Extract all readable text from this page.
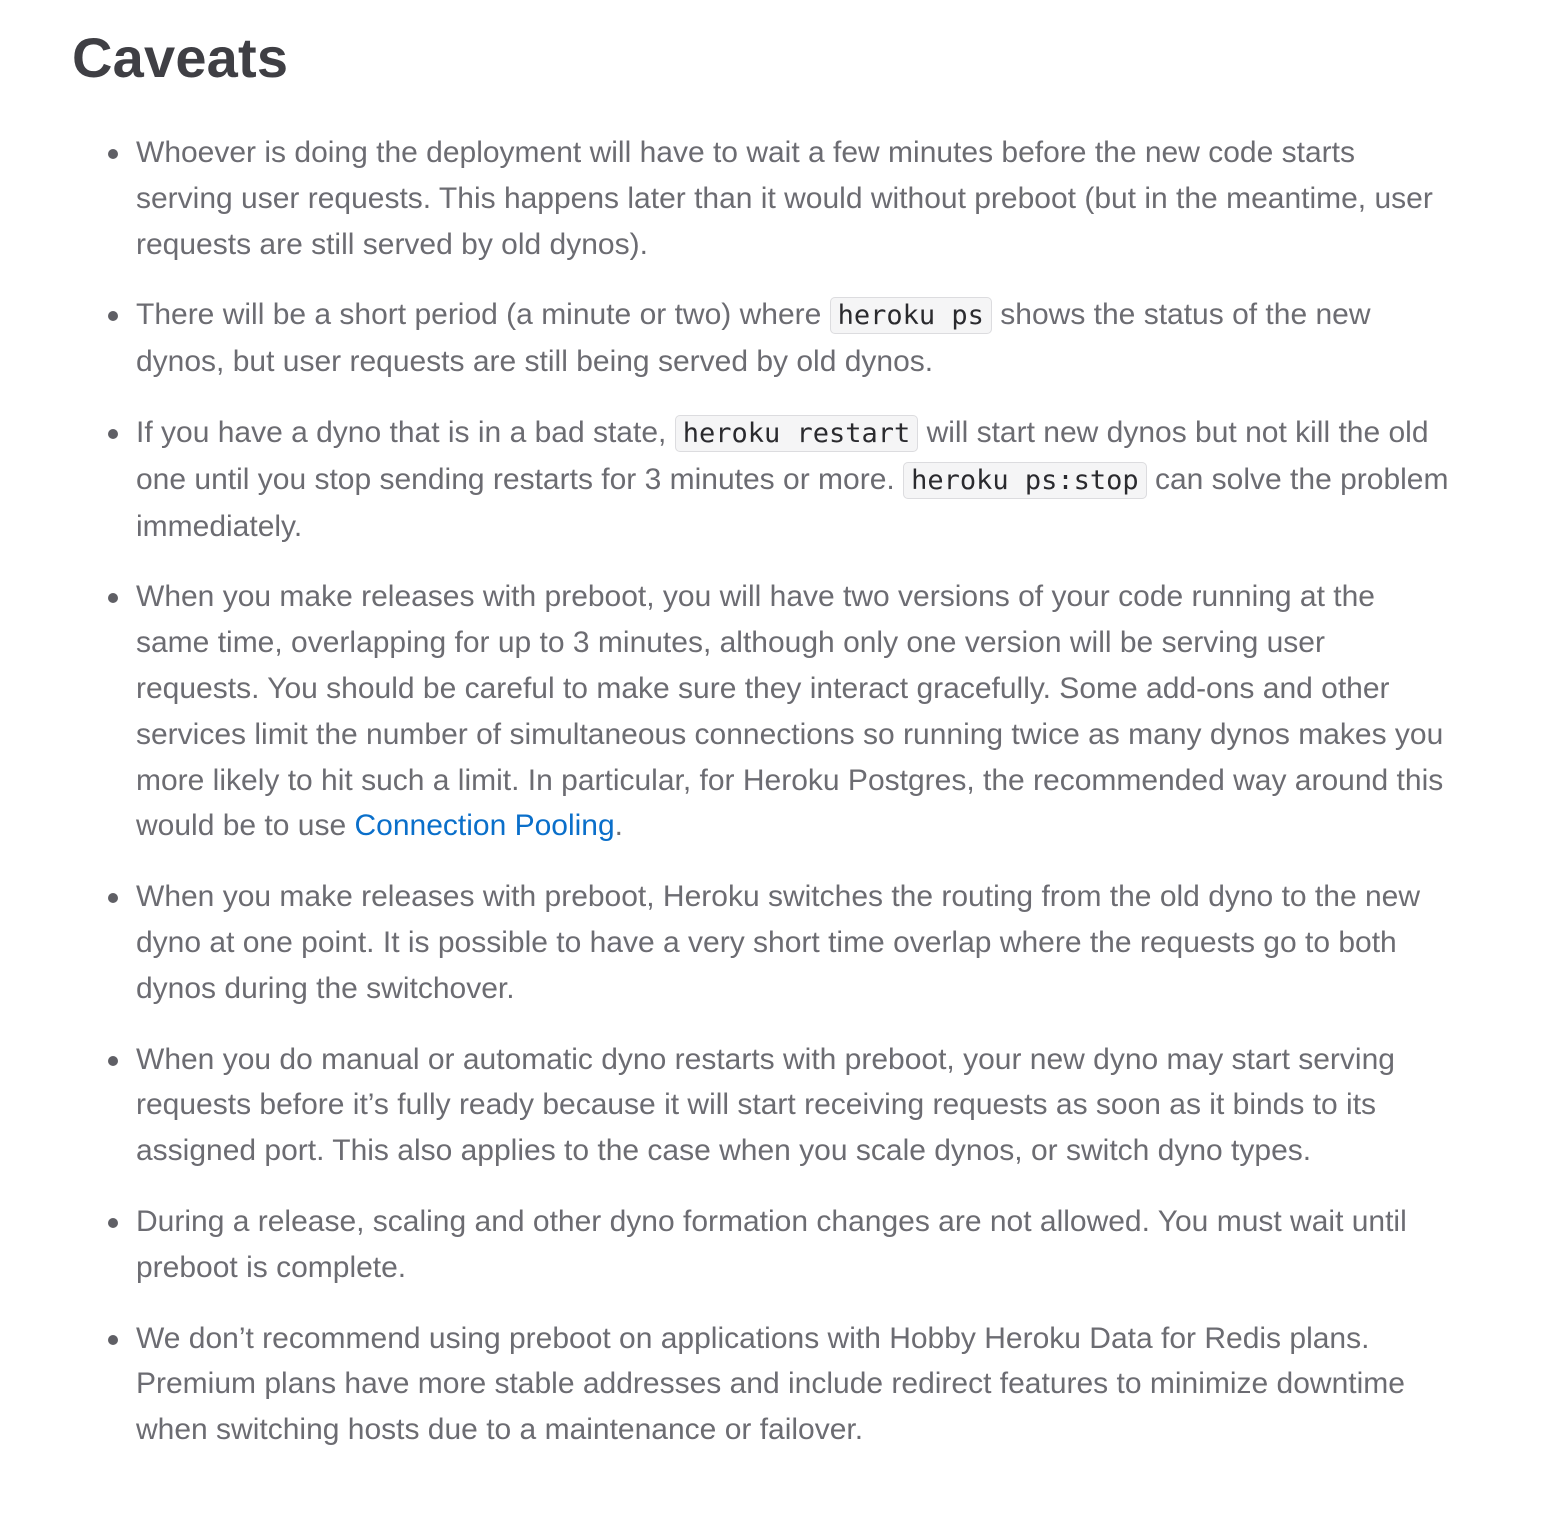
Caveats
Whoever is doing the deployment will have to wait a few minutes before the new code starts serving user requests. This happens later than it would without preboot (but in the meantime, user requests are still served by old dynos).
There will be a short period (a minute or two) where heroku ps shows the status of the new dynos, but user requests are still being served by old dynos.
If you have a dyno that is in a bad state, heroku restart will start new dynos but not kill the old one until you stop sending restarts for 3 minutes or more. heroku ps:stop can solve the problem immediately.
When you make releases with preboot, you will have two versions of your code running at the same time, overlapping for up to 3 minutes, although only one version will be serving user requests. You should be careful to make sure they interact gracefully. Some add-ons and other services limit the number of simultaneous connections so running twice as many dynos makes you more likely to hit such a limit. In particular, for Heroku Postgres, the recommended way around this would be to use Connection Pooling.
When you make releases with preboot, Heroku switches the routing from the old dyno to the new dyno at one point. It is possible to have a very short time overlap where the requests go to both dynos during the switchover.
When you do manual or automatic dyno restarts with preboot, your new dyno may start serving requests before it’s fully ready because it will start receiving requests as soon as it binds to its assigned port. This also applies to the case when you scale dynos, or switch dyno types.
During a release, scaling and other dyno formation changes are not allowed. You must wait until preboot is complete.
We don’t recommend using preboot on applications with Hobby Heroku Data for Redis plans. Premium plans have more stable addresses and include redirect features to minimize downtime when switching hosts due to a maintenance or failover.
